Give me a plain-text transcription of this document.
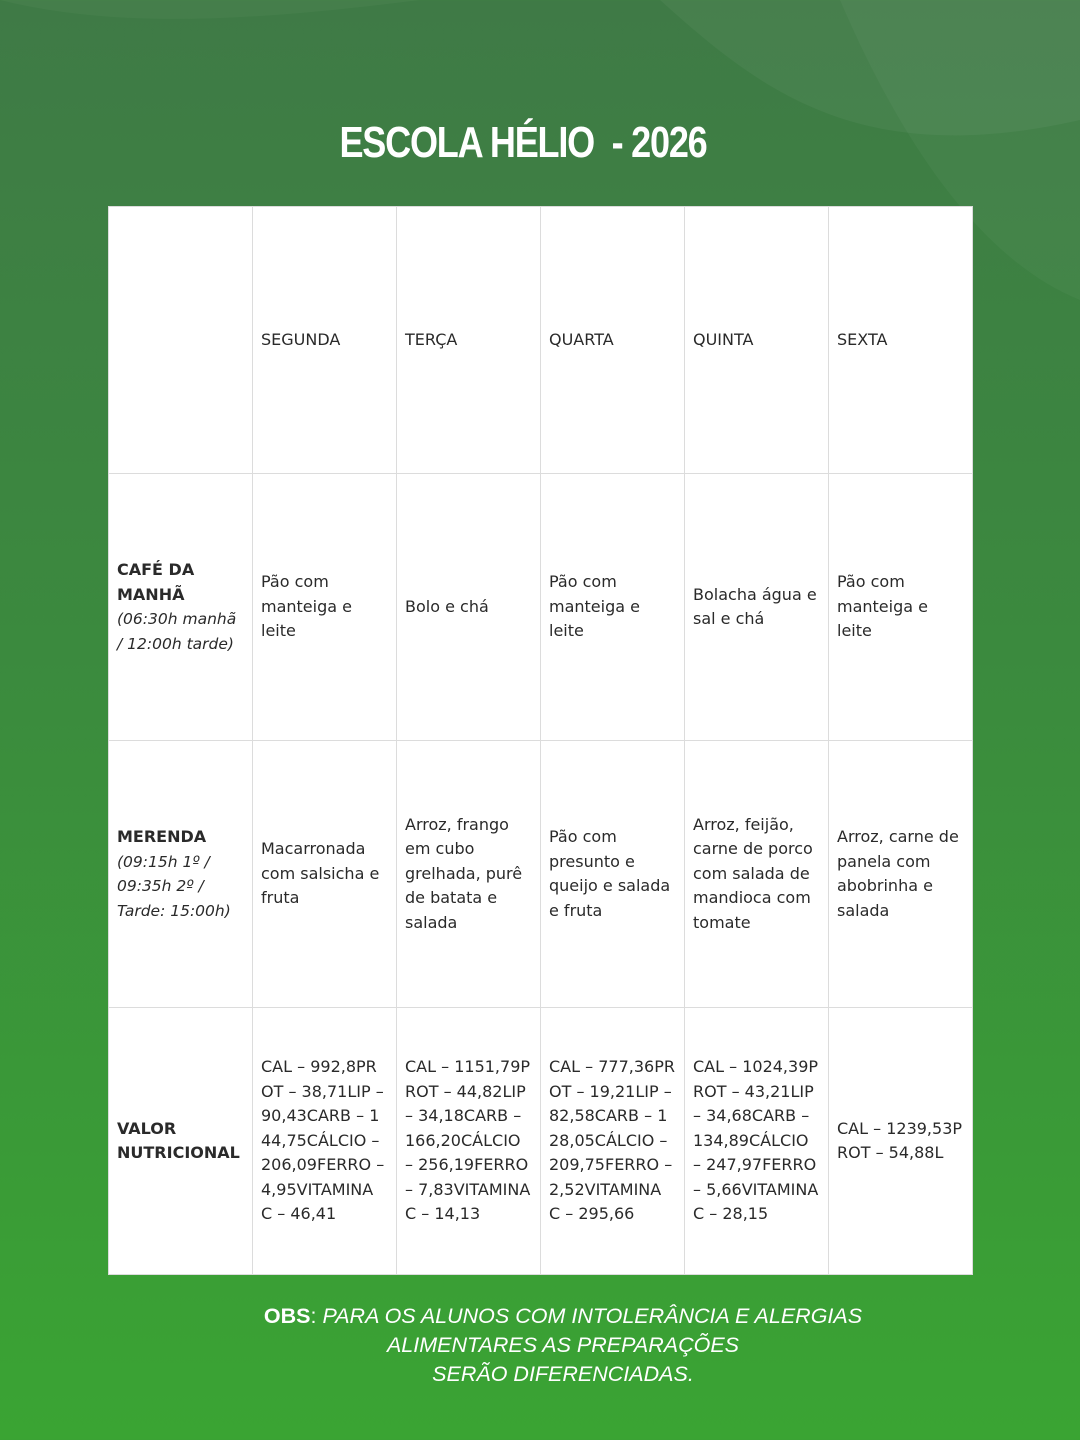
ESCOLA HÉLIO  - 2026
	SEGUNDA	TERÇA	QUARTA	QUINTA	SEXTA

CAFÉ DA MANHÃ
(06:30h manhã / 12:00h tarde)	Pão com manteiga e leite	Bolo e chá	Pão com manteiga e leite	Bolacha água e sal e chá	Pão com manteiga e leite

MERENDA
(09:15h 1º / 09:35h 2º / Tarde: 15:00h)	Macarronada com salsicha e fruta	Arroz, frango em cubo grelhada, purê de batata e salada	Pão com presunto e queijo e salada e fruta	Arroz, feijão, carne de porco com salada de mandioca com tomate	Arroz, carne de panela com abobrinha e salada

VALOR NUTRICIONAL	CAL – 992,8PROT – 38,71LIP – 90,43CARB – 144,75CÁLCIO – 206,09FERRO – 4,95VITAMINA C – 46,41	CAL – 1151,79PROT – 44,82LIP – 34,18CARB – 166,20CÁLCIO – 256,19FERRO – 7,83VITAMINA C – 14,13	CAL – 777,36PROT – 19,21LIP – 82,58CARB – 128,05CÁLCIO – 209,75FERRO – 2,52VITAMINA C – 295,66	CAL – 1024,39PROT – 43,21LIP – 34,68CARB – 134,89CÁLCIO – 247,97FERRO – 5,66VITAMINA C – 28,15	CAL – 1239,53PROT – 54,88L
OBS: PARA OS ALUNOS COM INTOLERÂNCIA E ALERGIAS
ALIMENTARES AS PREPARAÇÕES
SERÃO DIFERENCIADAS.
